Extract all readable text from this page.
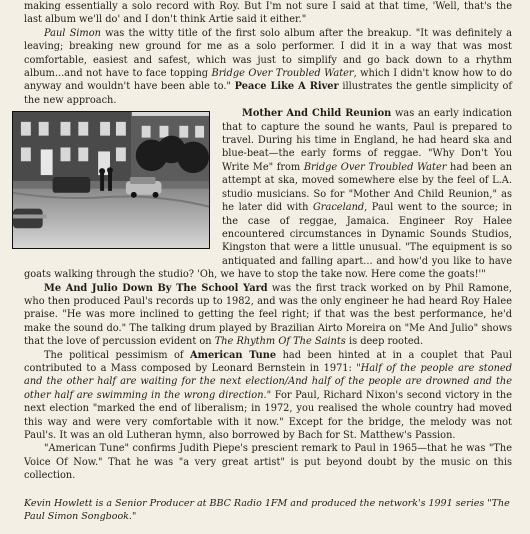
making essentially a solo record with Roy. But I'm not sure I said at that time, 'Well, that's the last album we'll do' and I don't think Artie said it either."

Paul Simon was the witty title of the first solo album after the breakup. "It was definitely a leaving; breaking new ground for me as a solo performer. I did it in a way that was most comfortable, easiest and safest, which was just to simplify and go back down to a rhythm album...and not have to face topping Bridge Over Troubled Water, which I didn't know how to do anyway and wouldn't have been able to." Peace Like A River illustrates the gentle simplicity of the new approach.

Mother And Child Reunion was an early indication that to capture the sound he wants, Paul is prepared to travel. During his time in England, he had heard ska and blue-beat—the early forms of reggae. "Why Don't You Write Me" from Bridge Over Troubled Water had been an attempt at ska, moved somewhere else by the feel of L.A. studio musicians. So for "Mother And Child Reunion," as he later did with Graceland, Paul went to the source; in the case of reggae, Jamaica. Engineer Roy Halee encountered circumstances in Dynamic Sounds Studios, Kingston that were a little unusual. "The equipment is so antiquated and falling apart... and how'd you like to have goats walking through the studio? 'Oh, we have to stop the take now. Here come the goats!'"

Me And Julio Down By The School Yard was the first track worked on by Phil Ramone, who then produced Paul's records up to 1982, and was the only engineer he had heard Roy Halee praise. "He was more inclined to getting the feel right; if that was the best performance, he'd make the sound do." The talking drum played by Brazilian Airto Moreira on "Me And Julio" shows that the love of percussion evident on The Rhythm Of The Saints is deep rooted.

The political pessimism of American Tune had been hinted at in a couplet that Paul contributed to a Mass composed by Leonard Bernstein in 1971: "Half of the people are stoned and the other half are waiting for the next election/And half of the people are drowned and the other half are swimming in the wrong direction." For Paul, Richard Nixon's second victory in the next election "marked the end of liberalism; in 1972, you realised the whole country had moved this way and were very comfortable with it now." Except for the bridge, the melody was not Paul's. It was an old Lutheran hymn, also borrowed by Bach for St. Matthew's Passion.

"American Tune" confirms Judith Piepe's prescient remark to Paul in 1965—that he was "The Voice Of Now." That he was "a very great artist" is put beyond doubt by the music on this collection.

Kevin Howlett is a Senior Producer at BBC Radio 1FM and produced the network's 1991 series "The Paul Simon Songbook."
